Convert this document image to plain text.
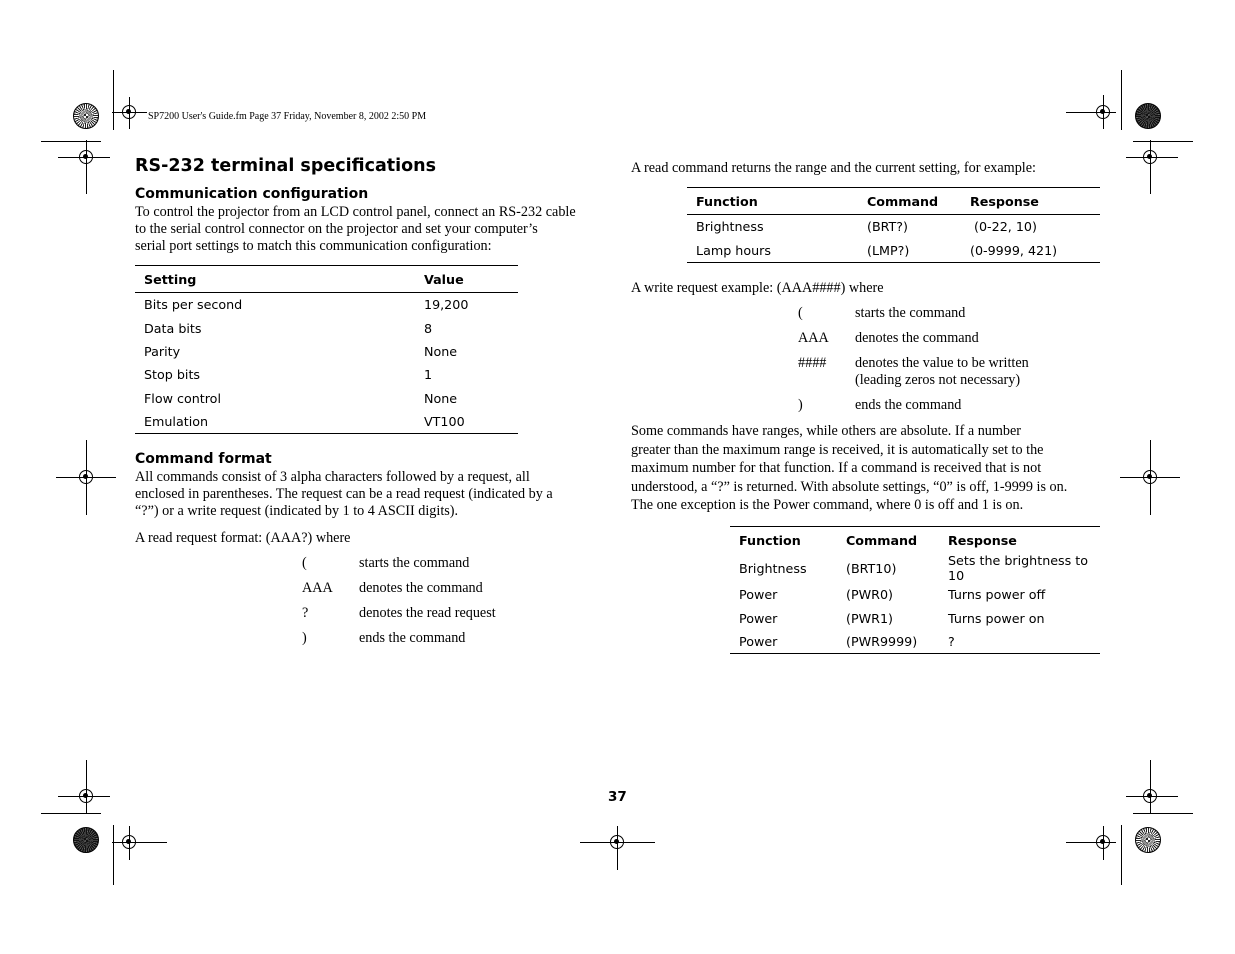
SP7200 User's Guide.fm Page 37 Friday, November 8, 2002 2:50 PM
RS-232 terminal specifications
Communication configuration
To control the projector from an LCD control panel, connect an RS-232 cable
to the serial control connector on the projector and set your computer’s
serial port settings to match this communication configuration:
Setting	Value
Bits per second	19,200
Data bits	8
Parity	None
Stop bits	1
Flow control	None
Emulation	VT100
Command format
All commands consist of 3 alpha characters followed by a request, all
enclosed in parentheses. The request can be a read request (indicated by a
“?”) or a write request (indicated by 1 to 4 ASCII digits).
A read request format: (AAA?) where
(	starts the command
AAA denotes the command
?	denotes the read request
)	ends the command
A read command returns the range and the current setting, for example:
Function	Command	Response
Brightness	(BRT?)	(0-22, 10)
Lamp hours	(LMP?)	(0-9999, 421)
A write request example: (AAA####) where
(	starts the command
AAA denotes the command
#### denotes the value to be written
(leading zeros not necessary)
)	ends the command
Some commands have ranges, while others are absolute. If a number
greater than the maximum range is received, it is automatically set to the
maximum number for that function. If a command is received that is not
understood, a “?” is returned. With absolute settings, “0” is off, 1-9999 is on.
The one exception is the Power command, where 0 is off and 1 is on.
Function	Command	Response
Brightness	(BRT10)	Sets the brightness to 10
Power	(PWR0)	Turns power off
Power	(PWR1)	Turns power on
Power	(PWR9999)	?
37
